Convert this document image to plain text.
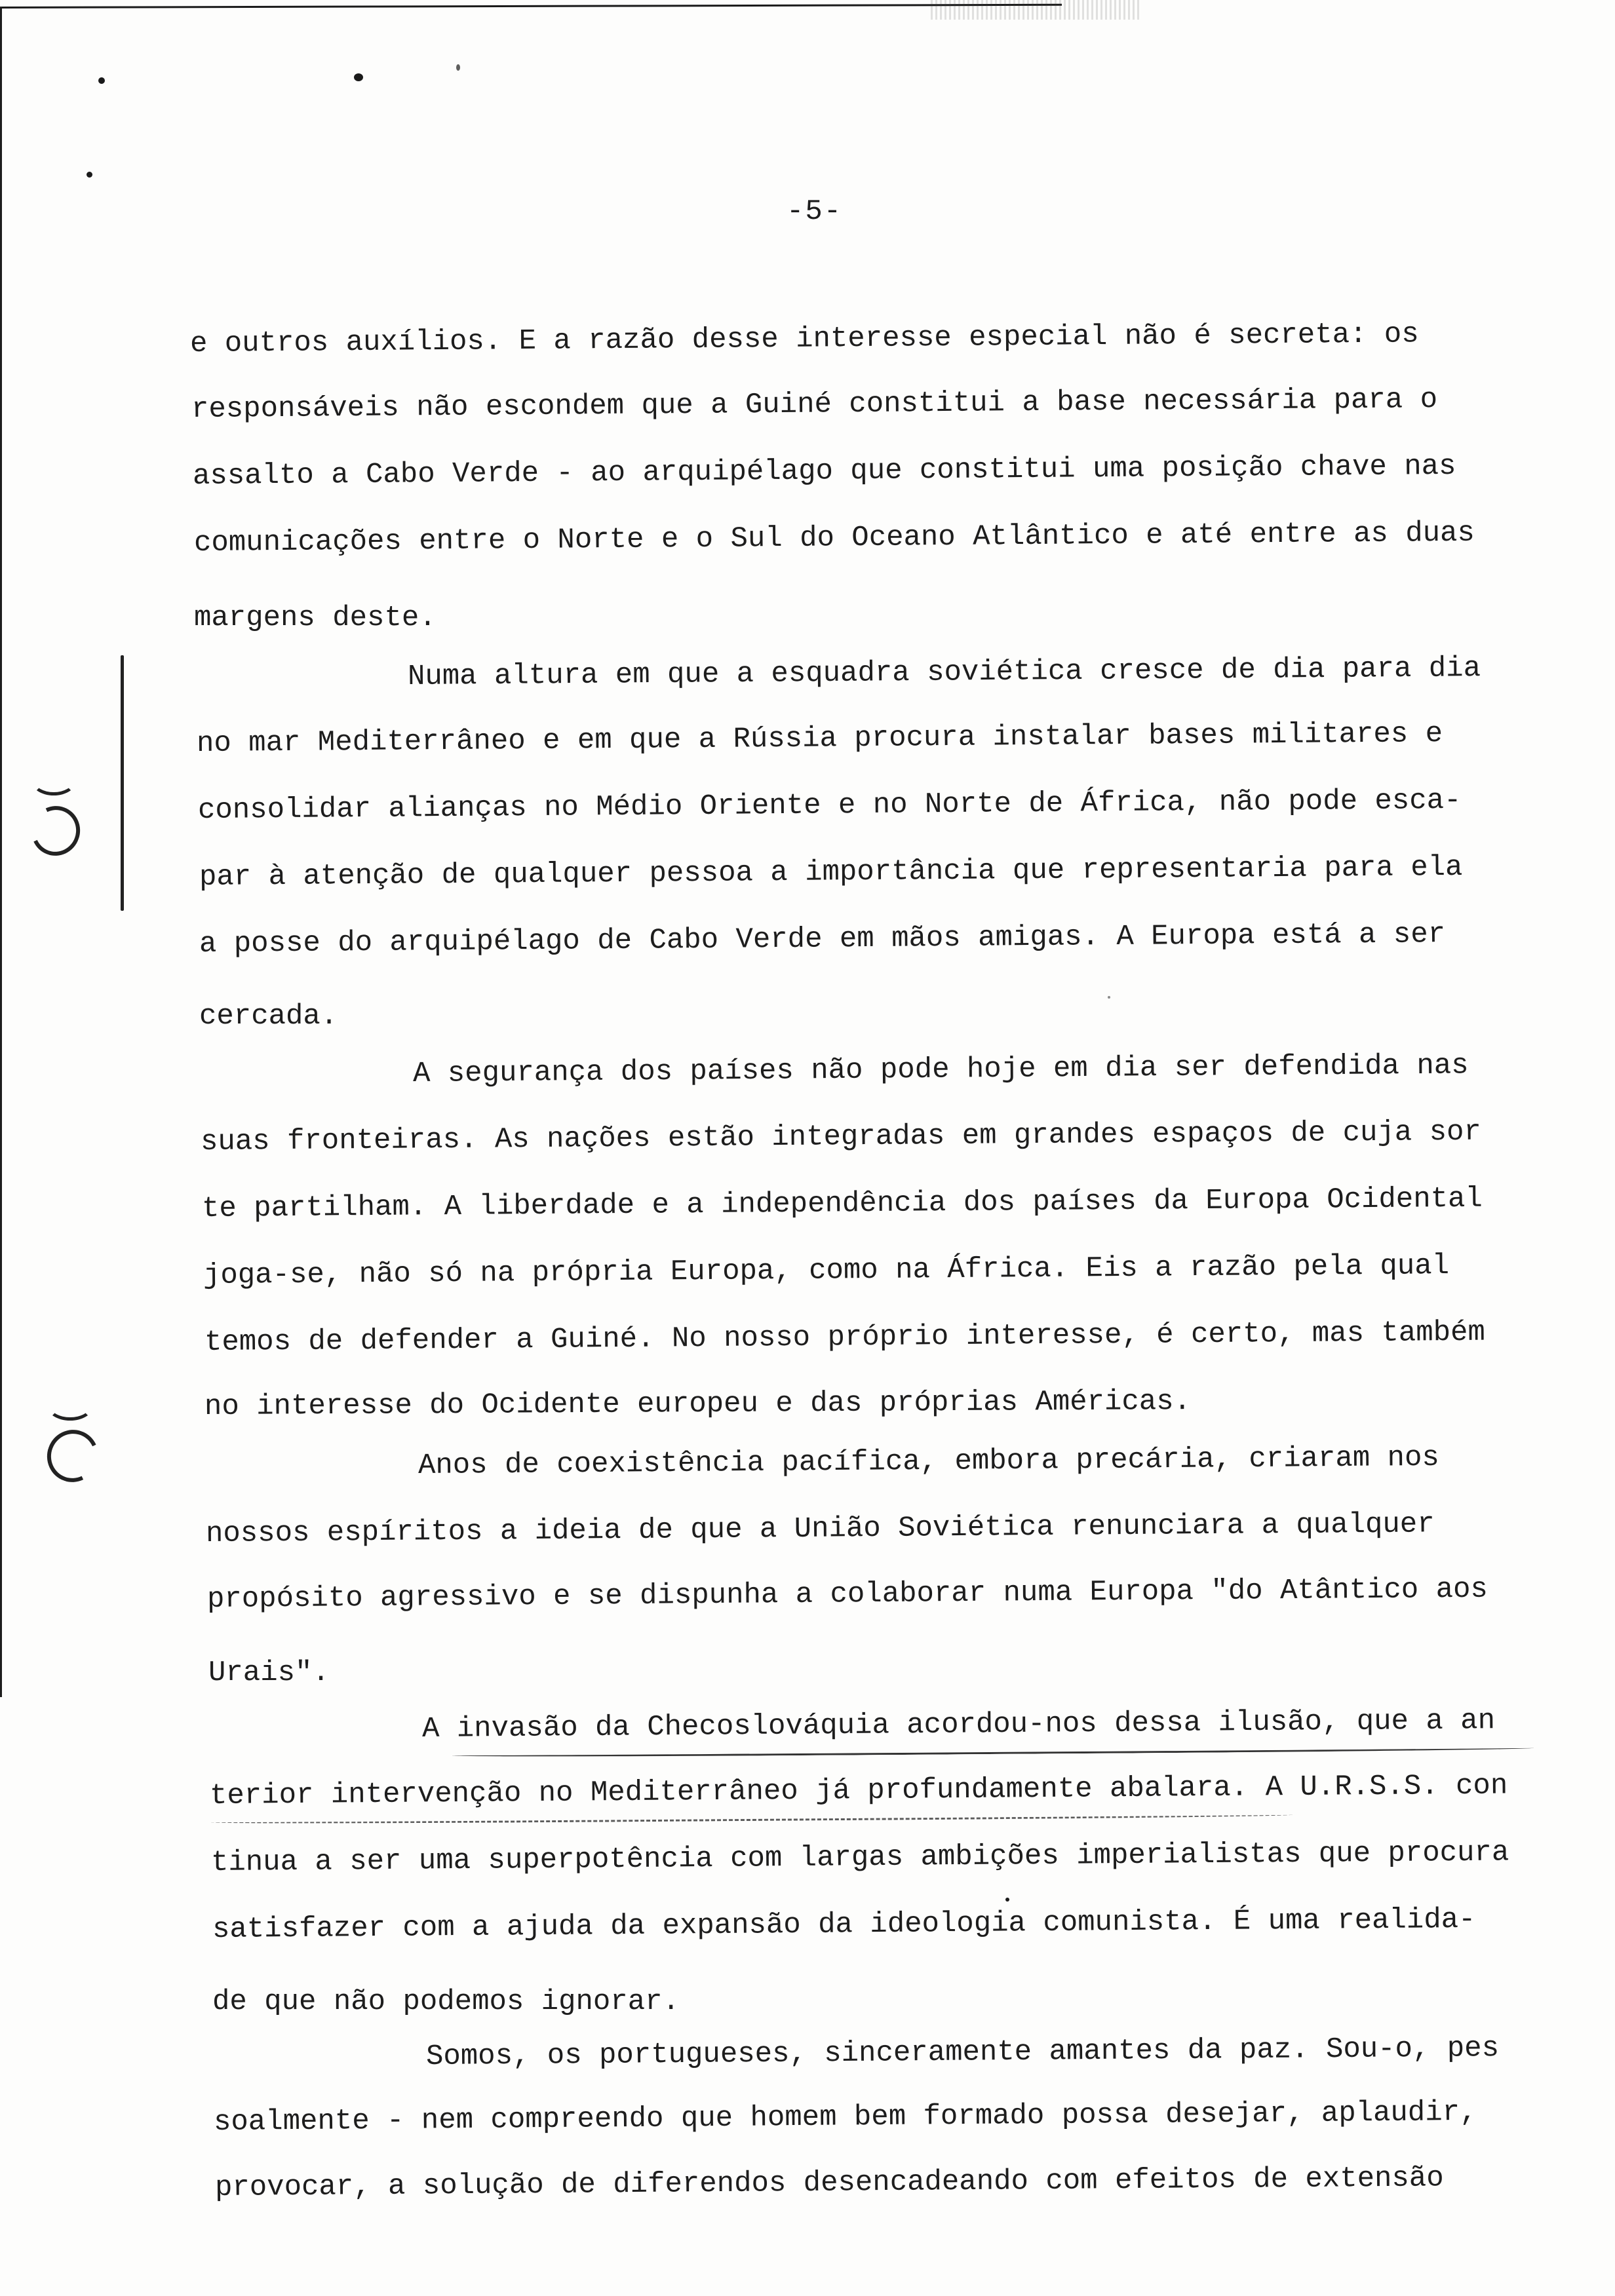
-5-
e outros auxílios. E a razão desse interesse especial não é secreta: os
responsáveis não escondem que a Guiné constitui a base necessária para o
assalto a Cabo Verde - ao arquipélago que constitui uma posição chave nas
comunicações entre o Norte e o Sul do Oceano Atlântico e até entre as duas
margens deste.
Numa altura em que a esquadra soviética cresce de dia para dia
no mar Mediterrâneo e em que a Rússia procura instalar bases militares e
consolidar alianças no Médio Oriente e no Norte de África, não pode esca-
par à atenção de qualquer pessoa a importância que representaria para ela
a posse do arquipélago de Cabo Verde em mãos amigas. A Europa está a ser
cercada.
A segurança dos países não pode hoje em dia ser defendida nas
suas fronteiras. As nações estão integradas em grandes espaços de cuja sor
te partilham. A liberdade e a independência dos países da Europa Ocidental
joga-se, não só na própria Europa, como na África. Eis a razão pela qual
temos de defender a Guiné. No nosso próprio interesse, é certo, mas também
no interesse do Ocidente europeu e das próprias Américas.
Anos de coexistência pacífica, embora precária, criaram nos
nossos espíritos a ideia de que a União Soviética renunciara a qualquer
propósito agressivo e se dispunha a colaborar numa Europa "do Atântico aos
Urais".
A invasão da Checoslováquia acordou-nos dessa ilusão, que a an
terior intervenção no Mediterrâneo já profundamente abalara. A U.R.S.S. con
tinua a ser uma superpotência com largas ambições imperialistas que procura
satisfazer com a ajuda da expansão da ideologia comunista. É uma realida-
de que não podemos ignorar.
Somos, os portugueses, sinceramente amantes da paz. Sou-o, pes
soalmente - nem compreendo que homem bem formado possa desejar, aplaudir,
provocar, a solução de diferendos desencadeando com efeitos de extensão
